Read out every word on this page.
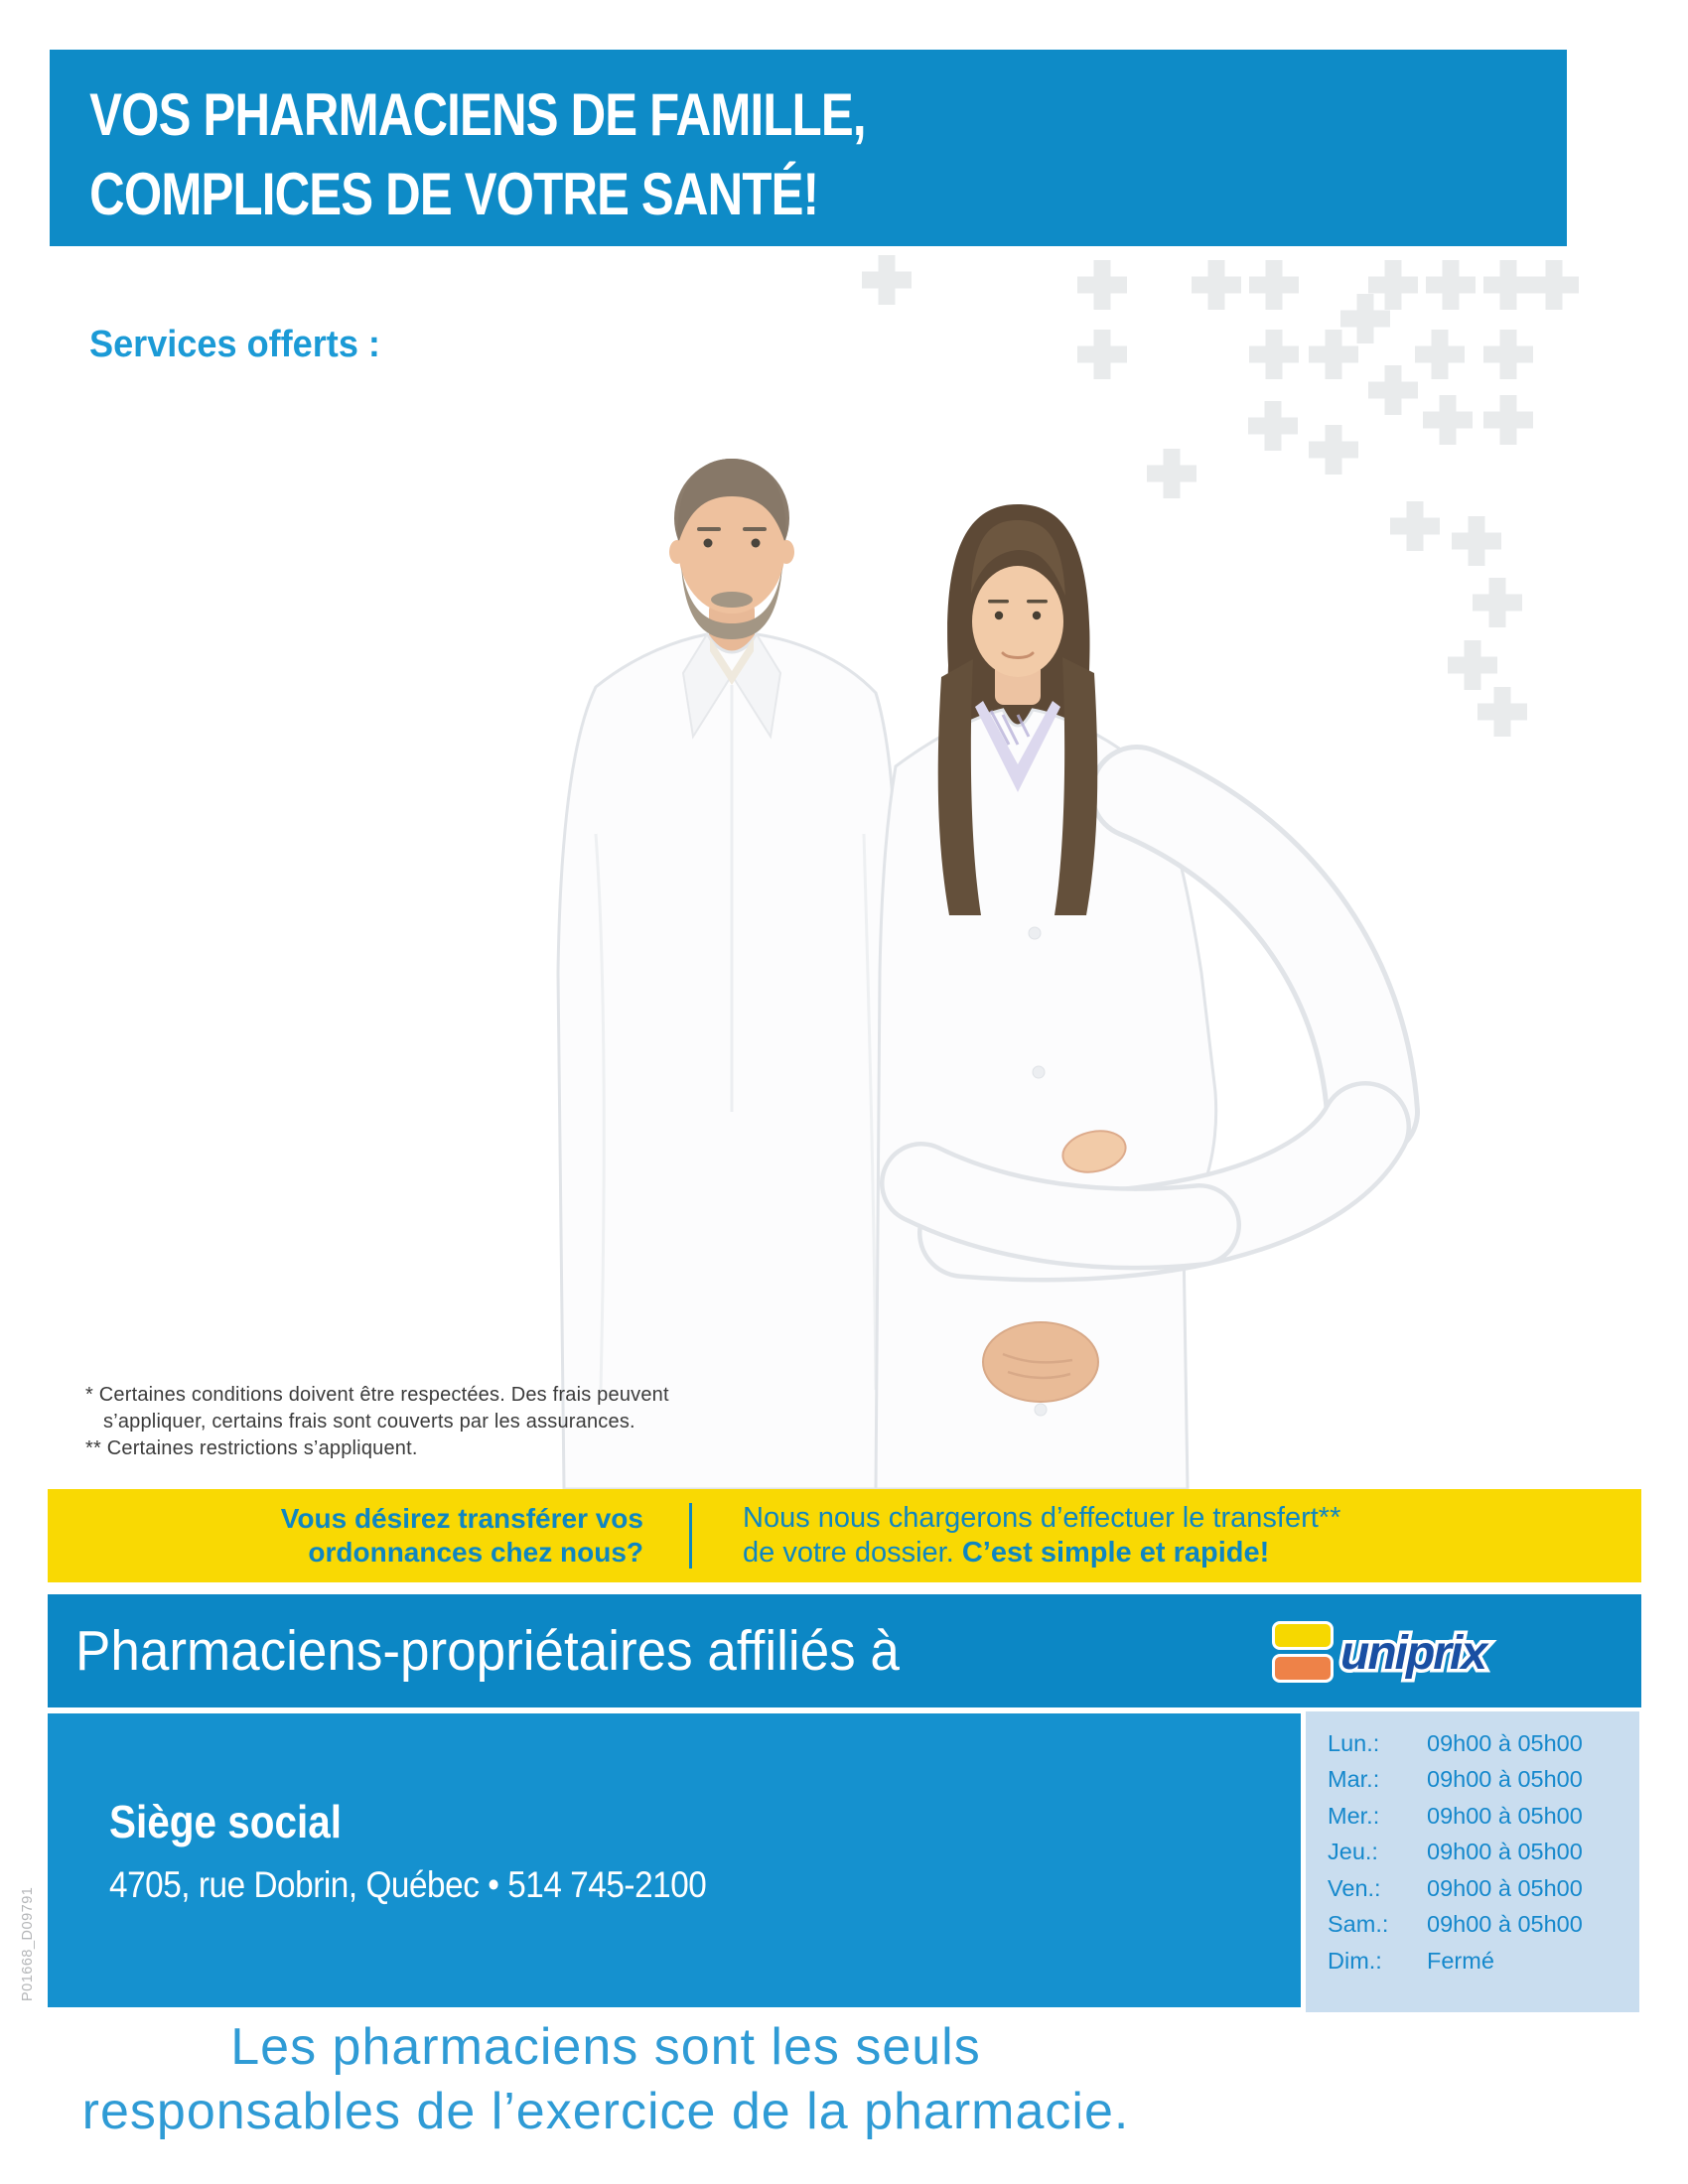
VOS PHARMACIENS DE FAMILLE,
COMPLICES DE VOTRE SANTÉ!
Services offerts :
* Certaines conditions doivent être respectées. Des frais peuvent
s’appliquer, certains frais sont couverts par les assurances.
** Certaines restrictions s’appliquent.
Vous désirez transférer vos
ordonnances chez nous?
Nous nous chargerons d’effectuer le transfert**
de votre dossier. C’est simple et rapide!
Pharmaciens-propriétaires affiliés à	uniprix
Siège social
4705, rue Dobrin, Québec • 514 745-2100
Lun.:	09h00 à 05h00
Mar.:	09h00 à 05h00
Mer.:	09h00 à 05h00
Jeu.:	09h00 à 05h00
Ven.:	09h00 à 05h00
Sam.:	09h00 à 05h00
Dim.:	Fermé
Les pharmaciens sont les seuls
responsables de l’exercice de la pharmacie.
P01668_D09791
